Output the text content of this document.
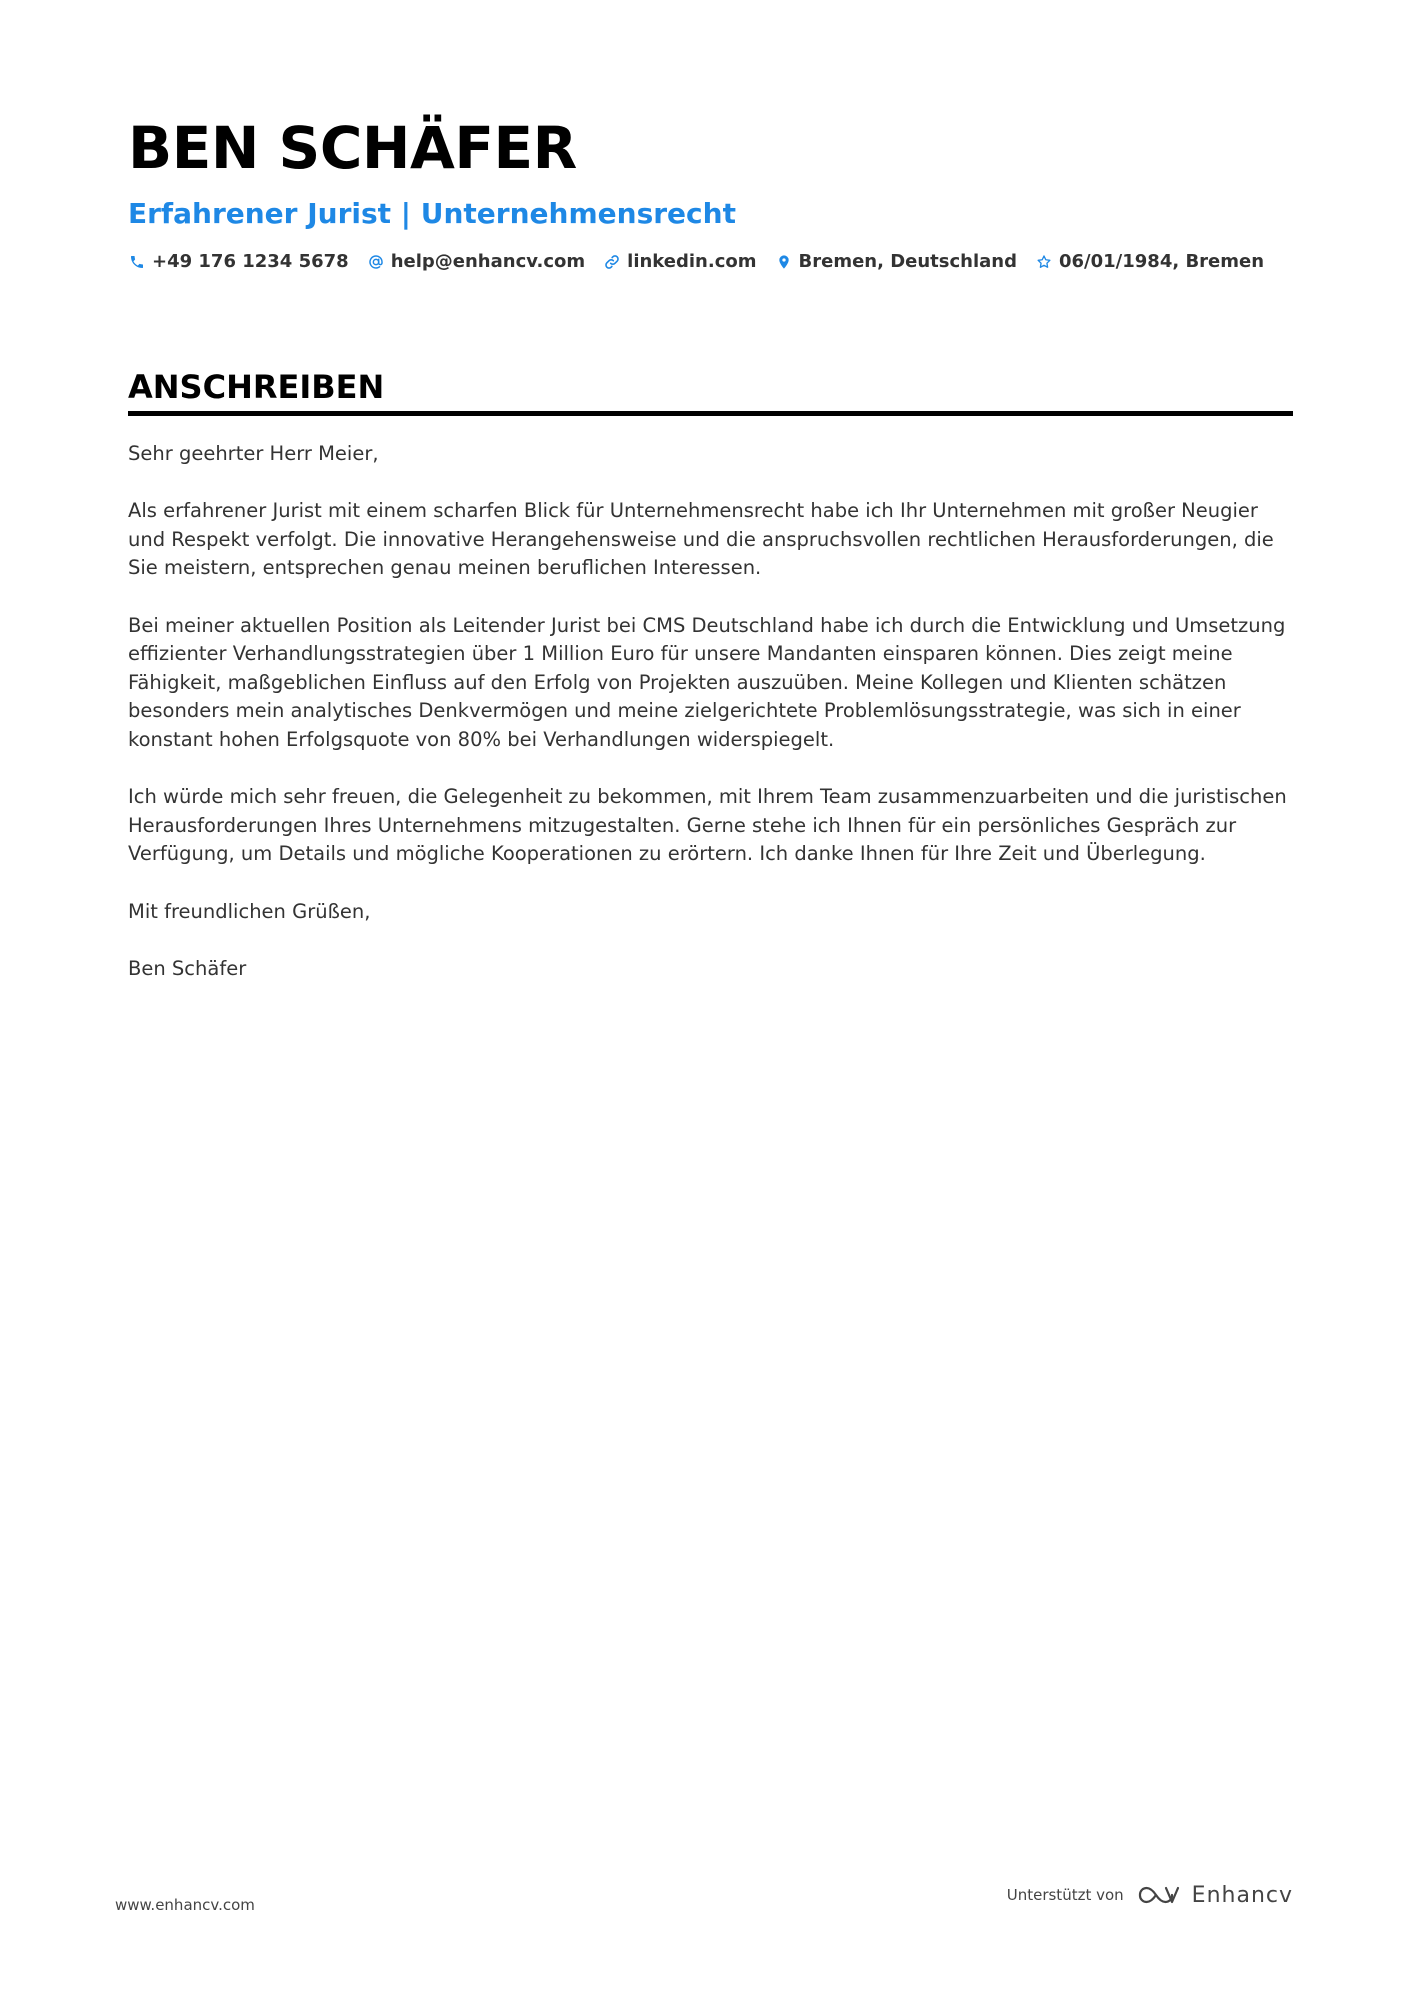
BEN SCHÄFER
Erfahrener Jurist | Unternehmensrecht
+49 176 1234 5678 help@enhancv.com linkedin.com Bremen, Deutschland 06/01/1984, Bremen
ANSCHREIBEN

Sehr geehrter Herr Meier,

Als erfahrener Jurist mit einem scharfen Blick für Unternehmensrecht habe ich Ihr Unternehmen mit großer Neugier und Respekt verfolgt. Die innovative Herangehensweise und die anspruchsvollen rechtlichen Herausforderungen, die Sie meistern, entsprechen genau meinen beruflichen Interessen.

Bei meiner aktuellen Position als Leitender Jurist bei CMS Deutschland habe ich durch die Entwicklung und Umsetzung effizienter Verhandlungsstrategien über 1 Million Euro für unsere Mandanten einsparen können. Dies zeigt meine Fähigkeit, maßgeblichen Einfluss auf den Erfolg von Projekten auszuüben. Meine Kollegen und Klienten schätzen besonders mein analytisches Denkvermögen und meine zielgerichtete Problemlösungsstrategie, was sich in einer konstant hohen Erfolgsquote von 80% bei Verhandlungen widerspiegelt.

Ich würde mich sehr freuen, die Gelegenheit zu bekommen, mit Ihrem Team zusammenzuarbeiten und die juristischen Herausforderungen Ihres Unternehmens mitzugestalten. Gerne stehe ich Ihnen für ein persönliches Gespräch zur Verfügung, um Details und mögliche Kooperationen zu erörtern. Ich danke Ihnen für Ihre Zeit und Überlegung.

Mit freundlichen Grüßen,

Ben Schäfer

www.enhancv.com
Unterstützt von	Enhancv
